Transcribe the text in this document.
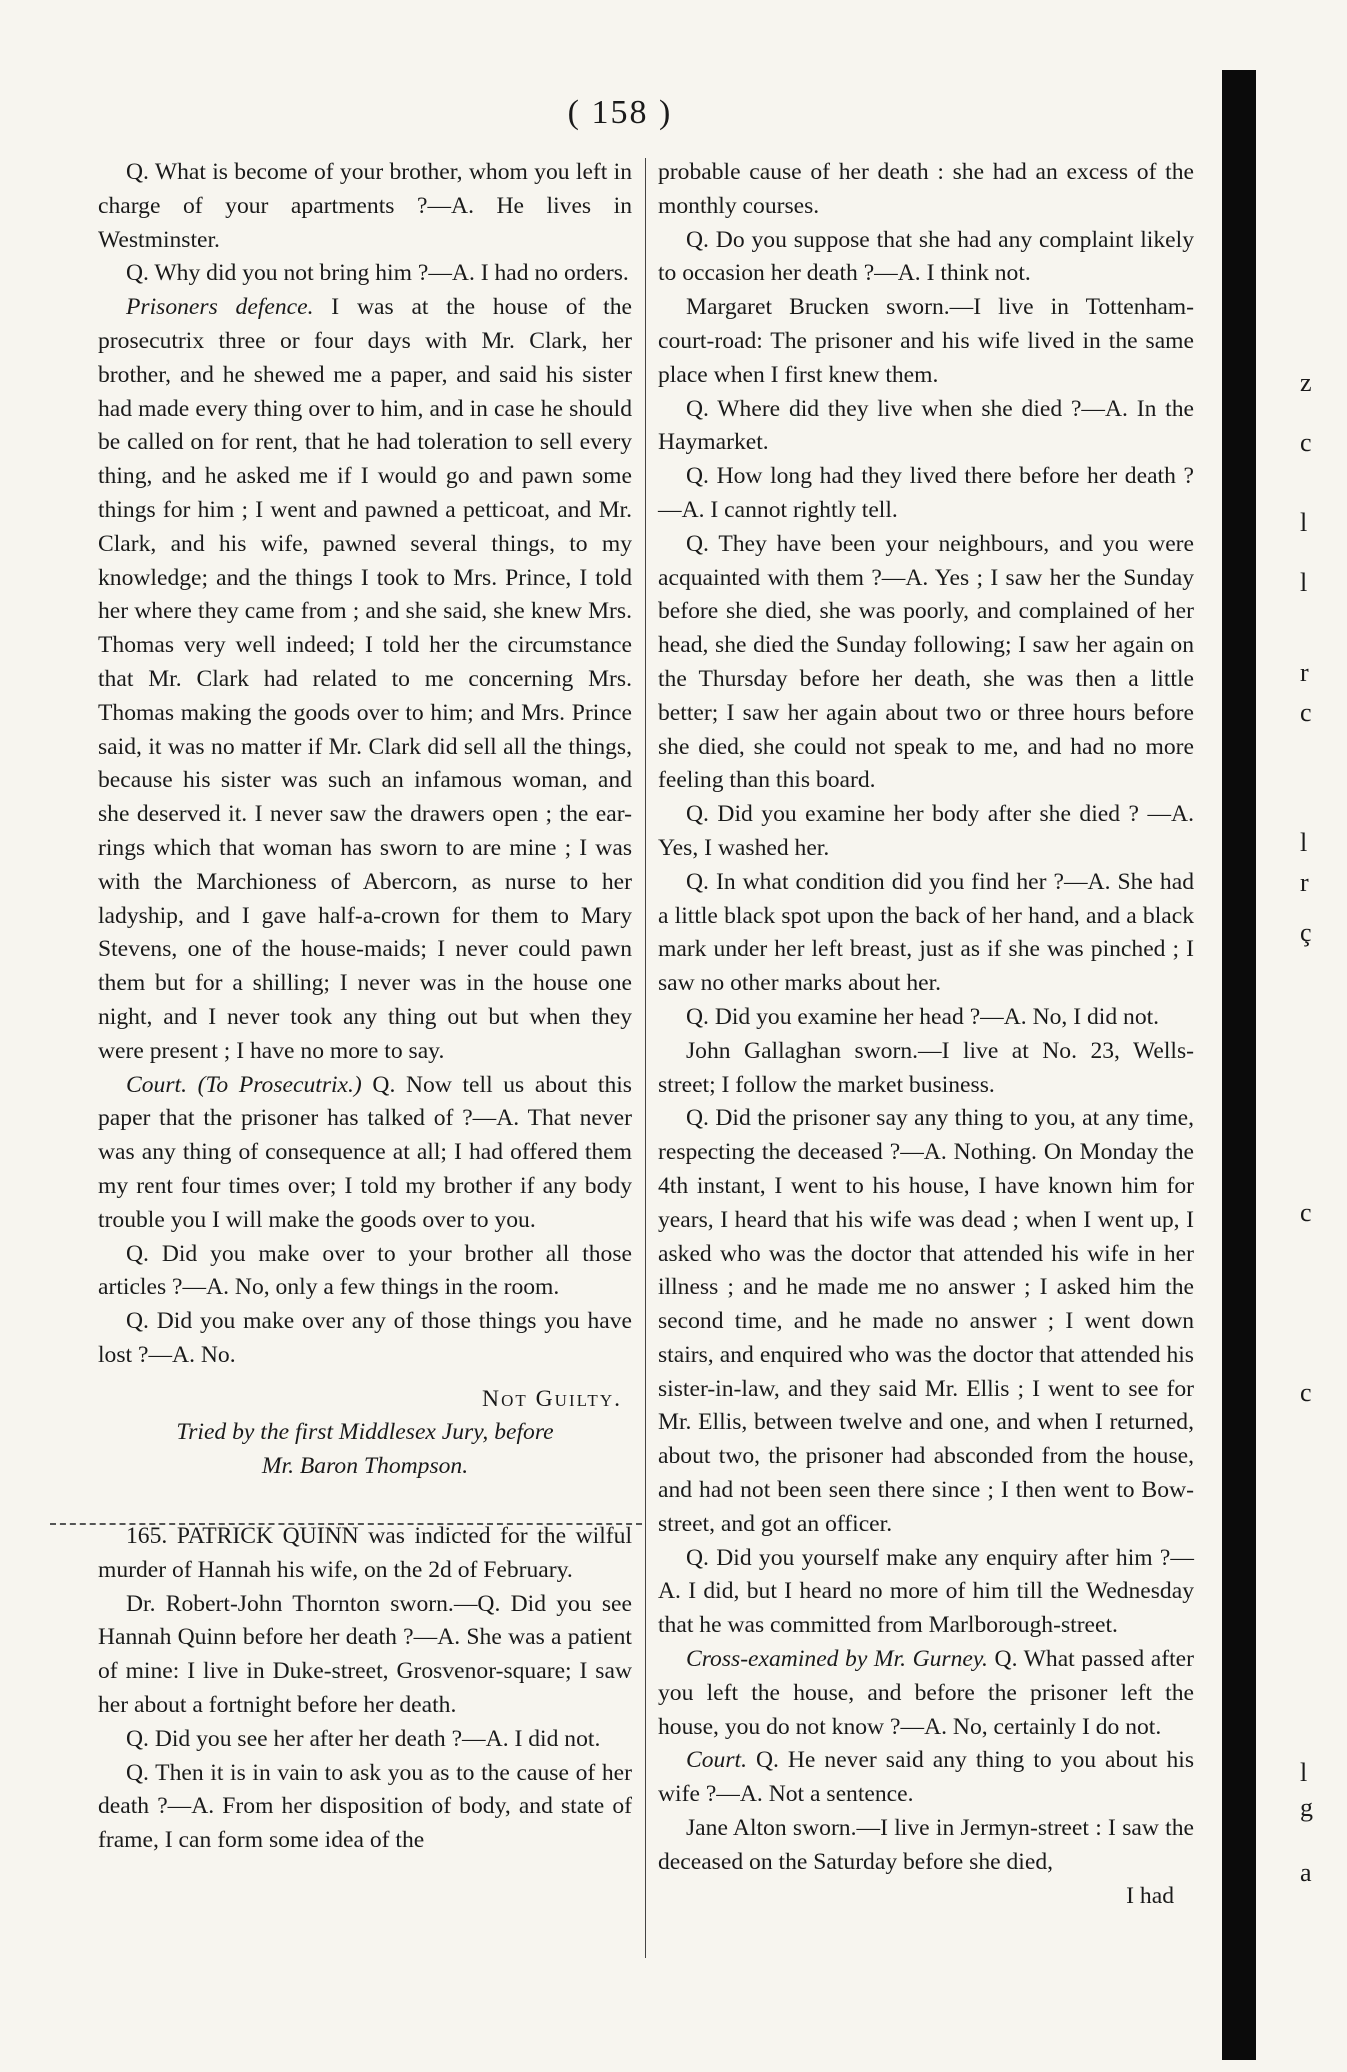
z
c
l
l
r
c
l
r
ç
c
c
l
g
a
( 158 )

Q. What is become of your brother, whom you left in charge of your apartments ?—A. He lives in Westminster.

Q. Why did you not bring him ?—A. I had no orders.

Prisoners defence. I was at the house of the prosecutrix three or four days with Mr. Clark, her brother, and he shewed me a paper, and said his sister had made every thing over to him, and in case he should be called on for rent, that he had toleration to sell every thing, and he asked me if I would go and pawn some things for him ; I went and pawned a petticoat, and Mr. Clark, and his wife, pawned several things, to my knowledge; and the things I took to Mrs. Prince, I told her where they came from ; and she said, she knew Mrs. Thomas very well indeed; I told her the circumstance that Mr. Clark had related to me concerning Mrs. Thomas making the goods over to him; and Mrs. Prince said, it was no matter if Mr. Clark did sell all the things, because his sister was such an infamous woman, and she deserved it. I never saw the drawers open ; the ear-rings which that woman has sworn to are mine ; I was with the Marchioness of Abercorn, as nurse to her ladyship, and I gave half-a-crown for them to Mary Stevens, one of the house-maids; I never could pawn them but for a shilling; I never was in the house one night, and I never took any thing out but when they were present ; I have no more to say.

Court. (To Prosecutrix.) Q. Now tell us about this paper that the prisoner has talked of ?—A. That never was any thing of consequence at all; I had offered them my rent four times over; I told my brother if any body trouble you I will make the goods over to you.

Q. Did you make over to your brother all those articles ?—A. No, only a few things in the room.

Q. Did you make over any of those things you have lost ?—A. No.

Not Guilty.

Tried by the first Middlesex Jury, before

Mr. Baron Thompson.

165. PATRICK QUINN was indicted for the wilful murder of Hannah his wife, on the 2d of February.

Dr. Robert-John Thornton sworn.—Q. Did you see Hannah Quinn before her death ?—A. She was a patient of mine: I live in Duke-street, Grosvenor-square; I saw her about a fortnight before her death.

Q. Did you see her after her death ?—A. I did not.

Q. Then it is in vain to ask you as to the cause of her death ?—A. From her disposition of body, and state of frame, I can form some idea of the

probable cause of her death : she had an excess of the monthly courses.

Q. Do you suppose that she had any complaint likely to occasion her death ?—A. I think not.

Margaret Brucken sworn.—I live in Tottenham-court-road: The prisoner and his wife lived in the same place when I first knew them.

Q. Where did they live when she died ?—A. In the Haymarket.

Q. How long had they lived there before her death ?—A. I cannot rightly tell.

Q. They have been your neighbours, and you were acquainted with them ?—A. Yes ; I saw her the Sunday before she died, she was poorly, and complained of her head, she died the Sunday following; I saw her again on the Thursday before her death, she was then a little better; I saw her again about two or three hours before she died, she could not speak to me, and had no more feeling than this board.

Q. Did you examine her body after she died ? —A. Yes, I washed her.

Q. In what condition did you find her ?—A. She had a little black spot upon the back of her hand, and a black mark under her left breast, just as if she was pinched ; I saw no other marks about her.

Q. Did you examine her head ?—A. No, I did not.

John Gallaghan sworn.—I live at No. 23, Wells-street; I follow the market business.

Q. Did the prisoner say any thing to you, at any time, respecting the deceased ?—A. Nothing. On Monday the 4th instant, I went to his house, I have known him for years, I heard that his wife was dead ; when I went up, I asked who was the doctor that attended his wife in her illness ; and he made me no answer ; I asked him the second time, and he made no answer ; I went down stairs, and enquired who was the doctor that attended his sister-in-law, and they said Mr. Ellis ; I went to see for Mr. Ellis, between twelve and one, and when I returned, about two, the prisoner had absconded from the house, and had not been seen there since ; I then went to Bow-street, and got an officer.

Q. Did you yourself make any enquiry after him ?—A. I did, but I heard no more of him till the Wednesday that he was committed from Marlborough-street.

Cross-examined by Mr. Gurney. Q. What passed after you left the house, and before the prisoner left the house, you do not know ?—A. No, certainly I do not.

Court. Q. He never said any thing to you about his wife ?—A. Not a sentence.

Jane Alton sworn.—I live in Jermyn-street : I saw the deceased on the Saturday before she died,

I had
